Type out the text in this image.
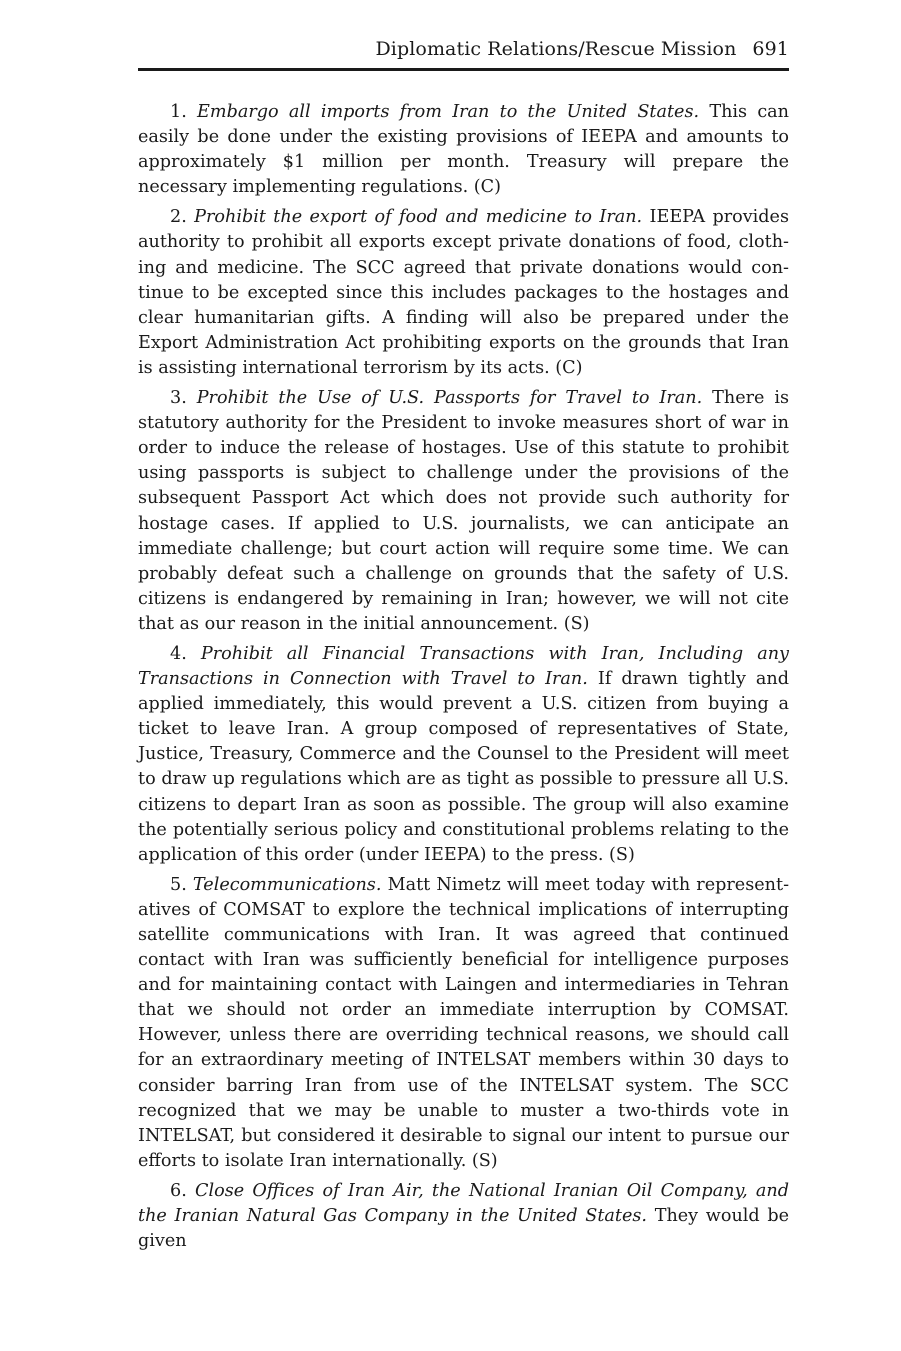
Diplomatic Relations/Rescue Mission 691

1. Embargo all imports from Iran to the United States. This can easily be done under the existing provisions of IEEPA and amounts to approximately $1 million per month. Treasury will prepare the necessary implementing regulations. (C)

2. Prohibit the export of food and medicine to Iran. IEEPA provides authority to prohibit all exports except private donations of food, clothing and medicine. The SCC agreed that private donations would continue to be excepted since this includes packages to the hostages and clear humanitarian gifts. A finding will also be prepared under the Export Administration Act prohibiting exports on the grounds that Iran is assisting international terrorism by its acts. (C)

3. Prohibit the Use of U.S. Passports for Travel to Iran. There is statutory authority for the President to invoke measures short of war in order to induce the release of hostages. Use of this statute to prohibit using passports is subject to challenge under the provisions of the subsequent Passport Act which does not provide such authority for hostage cases. If applied to U.S. journalists, we can anticipate an immediate challenge; but court action will require some time. We can probably defeat such a challenge on grounds that the safety of U.S. citizens is endangered by remaining in Iran; however, we will not cite that as our reason in the initial announcement. (S)

4. Prohibit all Financial Transactions with Iran, Including any Transactions in Connection with Travel to Iran. If drawn tightly and applied immediately, this would prevent a U.S. citizen from buying a ticket to leave Iran. A group composed of representatives of State, Justice, Treasury, Commerce and the Counsel to the President will meet to draw up regulations which are as tight as possible to pressure all U.S. citizens to depart Iran as soon as possible. The group will also examine the potentially serious policy and constitutional problems relating to the application of this order (under IEEPA) to the press. (S)

5. Telecommunications. Matt Nimetz will meet today with representatives of COMSAT to explore the technical implications of interrupting satellite communications with Iran. It was agreed that continued contact with Iran was sufficiently beneficial for intelligence purposes and for maintaining contact with Laingen and intermediaries in Tehran that we should not order an immediate interruption by COMSAT. However, unless there are overriding technical reasons, we should call for an extraordinary meeting of INTELSAT members within 30 days to consider barring Iran from use of the INTELSAT system. The SCC recognized that we may be unable to muster a two-thirds vote in INTELSAT, but considered it desirable to signal our intent to pursue our efforts to isolate Iran internationally. (S)

6. Close Offices of Iran Air, the National Iranian Oil Company, and the Iranian Natural Gas Company in the United States. They would be given
